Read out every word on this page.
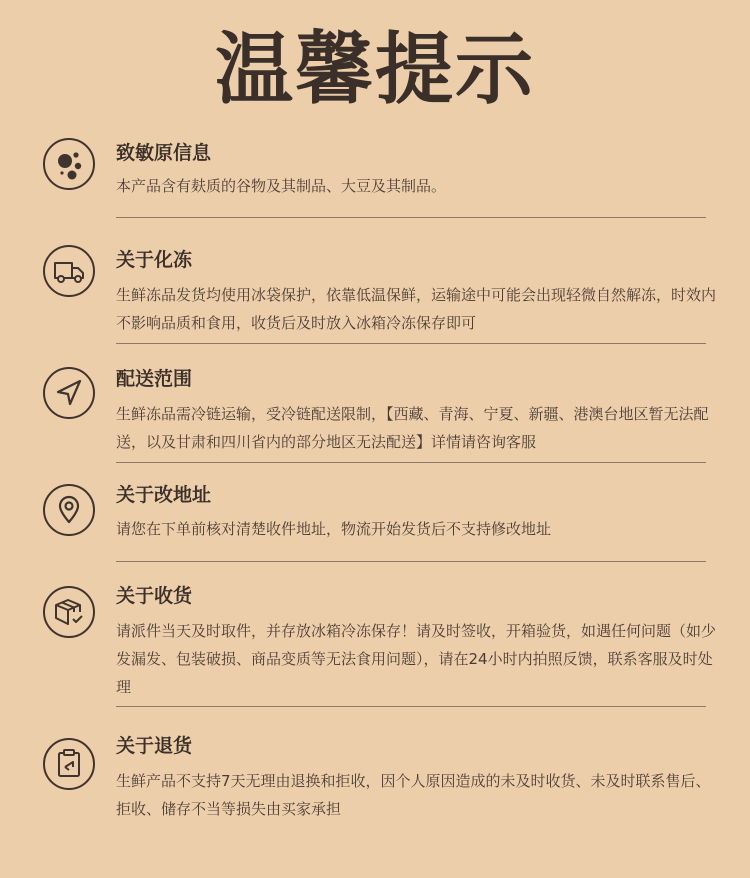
温馨提示
致敏原信息
本产品含有麸质的谷物及其制品、大豆及其制品。
关于化冻
生鲜冻品发货均使用冰袋保护，依靠低温保鲜，运输途中可能会出现轻微自然解冻，时效内不影响品质和食用，收货后及时放入冰箱冷冻保存即可
配送范围
生鲜冻品需冷链运输，受冷链配送限制，【西藏、青海、宁夏、新疆、港澳台地区暂无法配送，以及甘肃和四川省内的部分地区无法配送】详情请咨询客服
关于改地址
请您在下单前核对清楚收件地址，物流开始发货后不支持修改地址
关于收货
请派件当天及时取件，并存放冰箱冷冻保存！请及时签收，开箱验货，如遇任何问题（如少发漏发、包装破损、商品变质等无法食用问题），请在24小时内拍照反馈，联系客服及时处理
关于退货
生鲜产品不支持7天无理由退换和拒收，因个人原因造成的未及时收货、未及时联系售后、拒收、储存不当等损失由买家承担
